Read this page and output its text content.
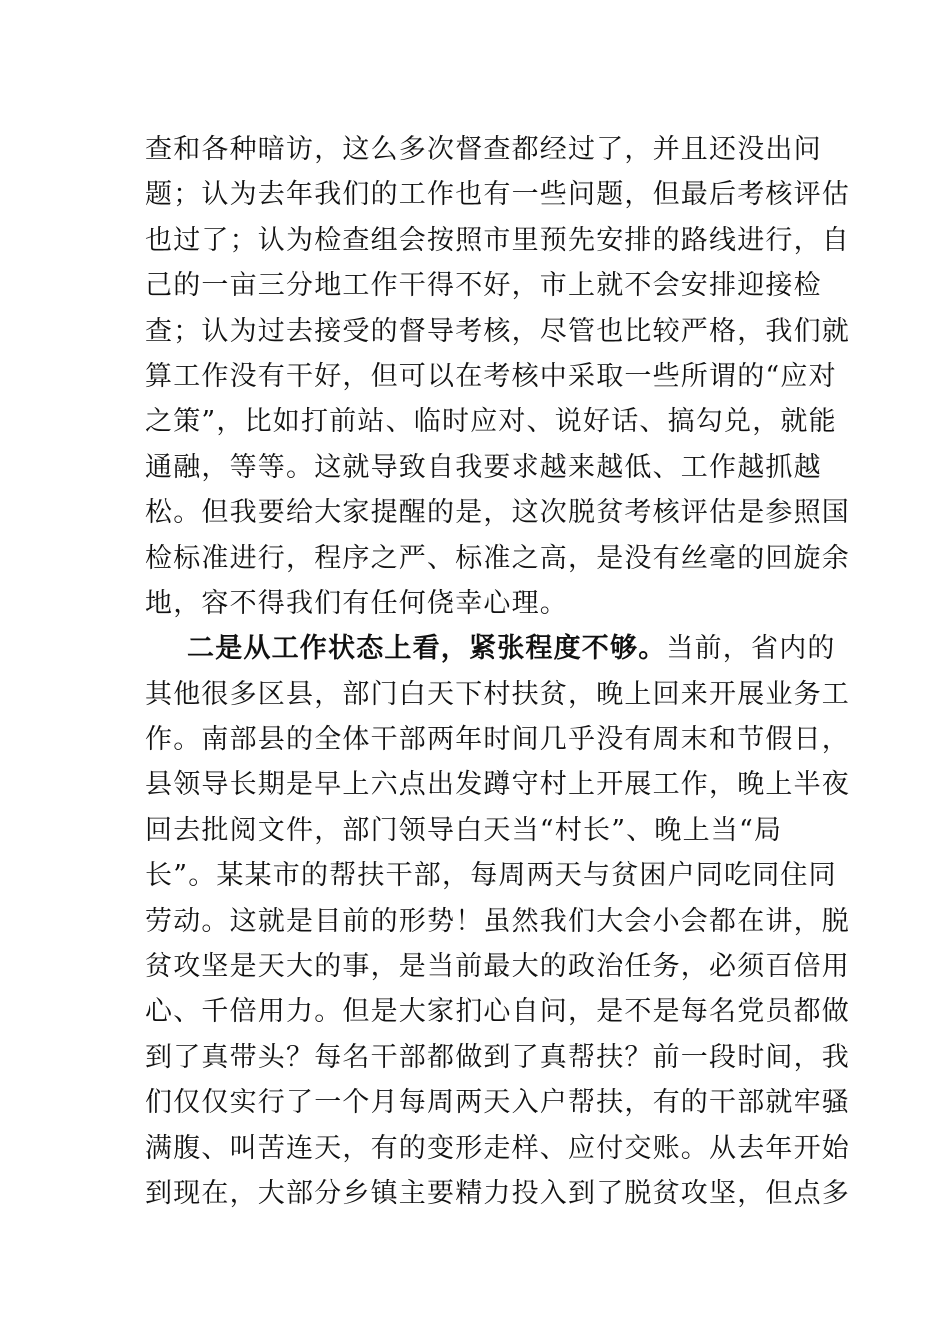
查和各种暗访，这么多次督查都经过了，并且还没出问
题；认为去年我们的工作也有一些问题，但最后考核评估
也过了；认为检查组会按照市里预先安排的路线进行，自
己的一亩三分地工作干得不好，市上就不会安排迎接检
查；认为过去接受的督导考核，尽管也比较严格，我们就
算工作没有干好，但可以在考核中采取一些所谓的“应对
之策”，比如打前站、临时应对、说好话、搞勾兑，就能
通融，等等。这就导致自我要求越来越低、工作越抓越
松。但我要给大家提醒的是，这次脱贫考核评估是参照国
检标准进行，程序之严、标准之高，是没有丝毫的回旋余
地，容不得我们有任何侥幸心理。
二是从工作状态上看，紧张程度不够。当前，省内的
其他很多区县，部门白天下村扶贫，晚上回来开展业务工
作。南部县的全体干部两年时间几乎没有周末和节假日，
县领导长期是早上六点出发蹲守村上开展工作，晚上半夜
回去批阅文件，部门领导白天当“村长”、晚上当“局
长”。某某市的帮扶干部，每周两天与贫困户同吃同住同
劳动。这就是目前的形势！虽然我们大会小会都在讲，脱
贫攻坚是天大的事，是当前最大的政治任务，必须百倍用
心、千倍用力。但是大家扪心自问，是不是每名党员都做
到了真带头？每名干部都做到了真帮扶？前一段时间，我
们仅仅实行了一个月每周两天入户帮扶，有的干部就牢骚
满腹、叫苦连天，有的变形走样、应付交账。从去年开始
到现在，大部分乡镇主要精力投入到了脱贫攻坚，但点多
